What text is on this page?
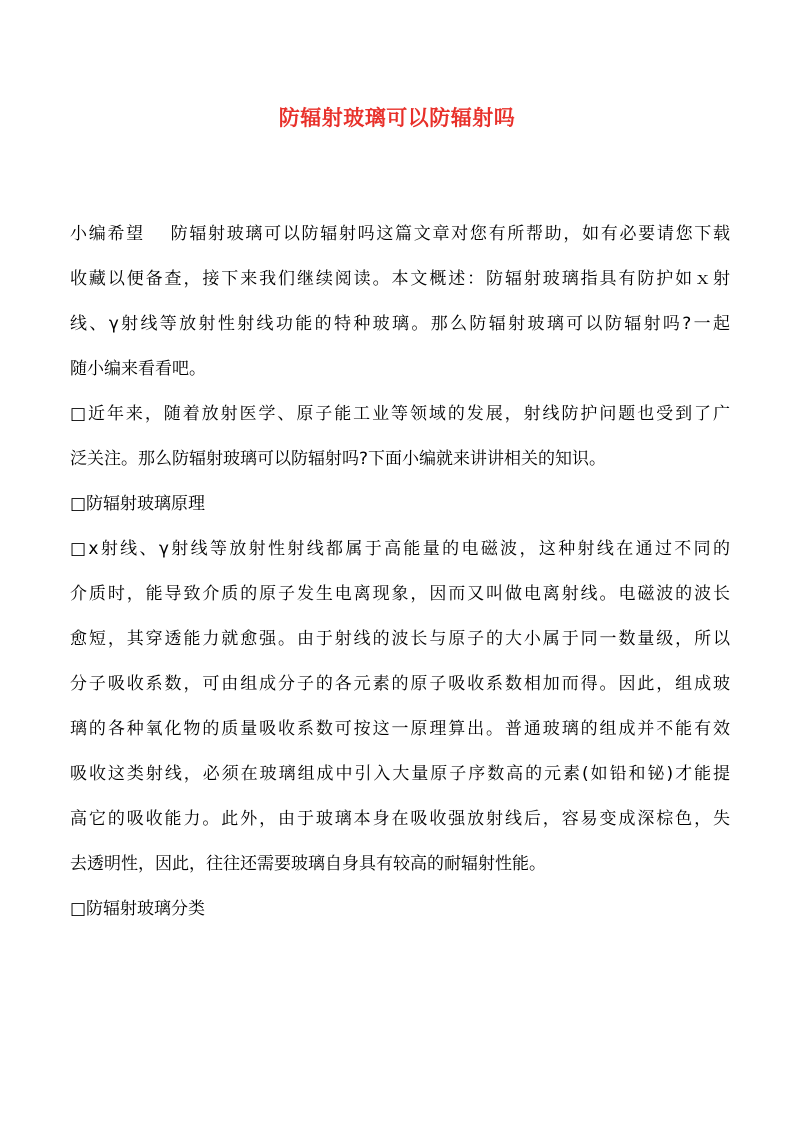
防辐射玻璃可以防辐射吗

小编希望　 防辐射玻璃可以防辐射吗这篇文章对您有所帮助，如有必要请您下载
收藏以便备查，接下来我们继续阅读。本文概述：防辐射玻璃指具有防护如ｘ射
线、γ射线等放射性射线功能的特种玻璃。那么防辐射玻璃可以防辐射吗?一起
随小编来看看吧。

□近年来，随着放射医学、原子能工业等领域的发展，射线防护问题也受到了广
泛关注。那么防辐射玻璃可以防辐射吗?下面小编就来讲讲相关的知识。

□防辐射玻璃原理

□x射线、γ射线等放射性射线都属于高能量的电磁波，这种射线在通过不同的
介质时，能导致介质的原子发生电离现象，因而又叫做电离射线。电磁波的波长
愈短，其穿透能力就愈强。由于射线的波长与原子的大小属于同一数量级，所以
分子吸收系数，可由组成分子的各元素的原子吸收系数相加而得。因此，组成玻
璃的各种氧化物的质量吸收系数可按这一原理算出。普通玻璃的组成并不能有效
吸收这类射线，必须在玻璃组成中引入大量原子序数高的元素(如铅和铋)才能提
高它的吸收能力。此外，由于玻璃本身在吸收强放射线后，容易变成深棕色，失
去透明性，因此，往往还需要玻璃自身具有较高的耐辐射性能。

□防辐射玻璃分类
